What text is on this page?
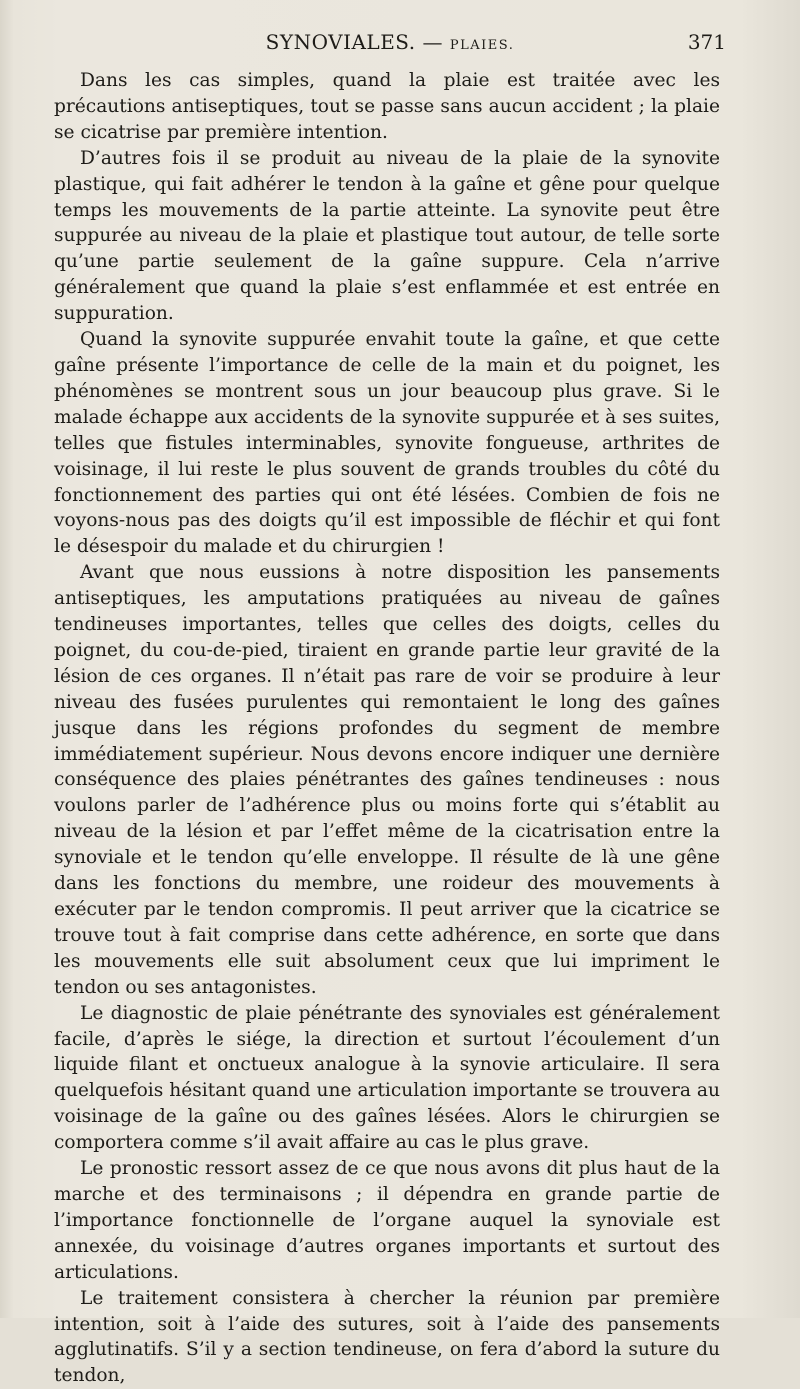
SYNOVIALES. — PLAIES.	371

Dans les cas simples, quand la plaie est traitée avec les précautions antiseptiques, tout se passe sans aucun accident ; la plaie se cicatrise par première intention.

D’autres fois il se produit au niveau de la plaie de la synovite plastique, qui fait adhérer le tendon à la gaîne et gêne pour quelque temps les mouvements de la partie atteinte. La synovite peut être suppurée au niveau de la plaie et plastique tout autour, de telle sorte qu’une partie seulement de la gaîne suppure. Cela n’arrive généralement que quand la plaie s’est enflammée et est entrée en suppuration.

Quand la synovite suppurée envahit toute la gaîne, et que cette gaîne présente l’importance de celle de la main et du poignet, les phénomènes se montrent sous un jour beaucoup plus grave. Si le malade échappe aux accidents de la synovite suppurée et à ses suites, telles que fistules interminables, synovite fongueuse, arthrites de voisinage, il lui reste le plus souvent de grands troubles du côté du fonctionnement des parties qui ont été lésées. Combien de fois ne voyons-nous pas des doigts qu’il est impossible de fléchir et qui font le désespoir du malade et du chirurgien !

Avant que nous eussions à notre disposition les pansements antiseptiques, les amputations pratiquées au niveau de gaînes tendineuses importantes, telles que celles des doigts, celles du poignet, du cou-de-pied, tiraient en grande partie leur gravité de la lésion de ces organes. Il n’était pas rare de voir se produire à leur niveau des fusées purulentes qui remontaient le long des gaînes jusque dans les régions profondes du segment de membre immédiatement supérieur. Nous devons encore indiquer une dernière conséquence des plaies pénétrantes des gaînes tendineuses : nous voulons parler de l’adhérence plus ou moins forte qui s’établit au niveau de la lésion et par l’effet même de la cicatrisation entre la synoviale et le tendon qu’elle enveloppe. Il résulte de là une gêne dans les fonctions du membre, une roideur des mouvements à exécuter par le tendon compromis. Il peut arriver que la cicatrice se trouve tout à fait comprise dans cette adhérence, en sorte que dans les mouvements elle suit absolument ceux que lui impriment le tendon ou ses antagonistes.

Le diagnostic de plaie pénétrante des synoviales est généralement facile, d’après le siége, la direction et surtout l’écoulement d’un liquide filant et onctueux analogue à la synovie articulaire. Il sera quelquefois hésitant quand une articulation importante se trouvera au voisinage de la gaîne ou des gaînes lésées. Alors le chirurgien se comportera comme s’il avait affaire au cas le plus grave.

Le pronostic ressort assez de ce que nous avons dit plus haut de la marche et des terminaisons ; il dépendra en grande partie de l’importance fonctionnelle de l’organe auquel la synoviale est annexée, du voisinage d’autres organes importants et surtout des articulations.

Le traitement consistera à chercher la réunion par première intention, soit à l’aide des sutures, soit à l’aide des pansements agglutinatifs. S’il y a section tendineuse, on fera d’abord la suture du tendon,
